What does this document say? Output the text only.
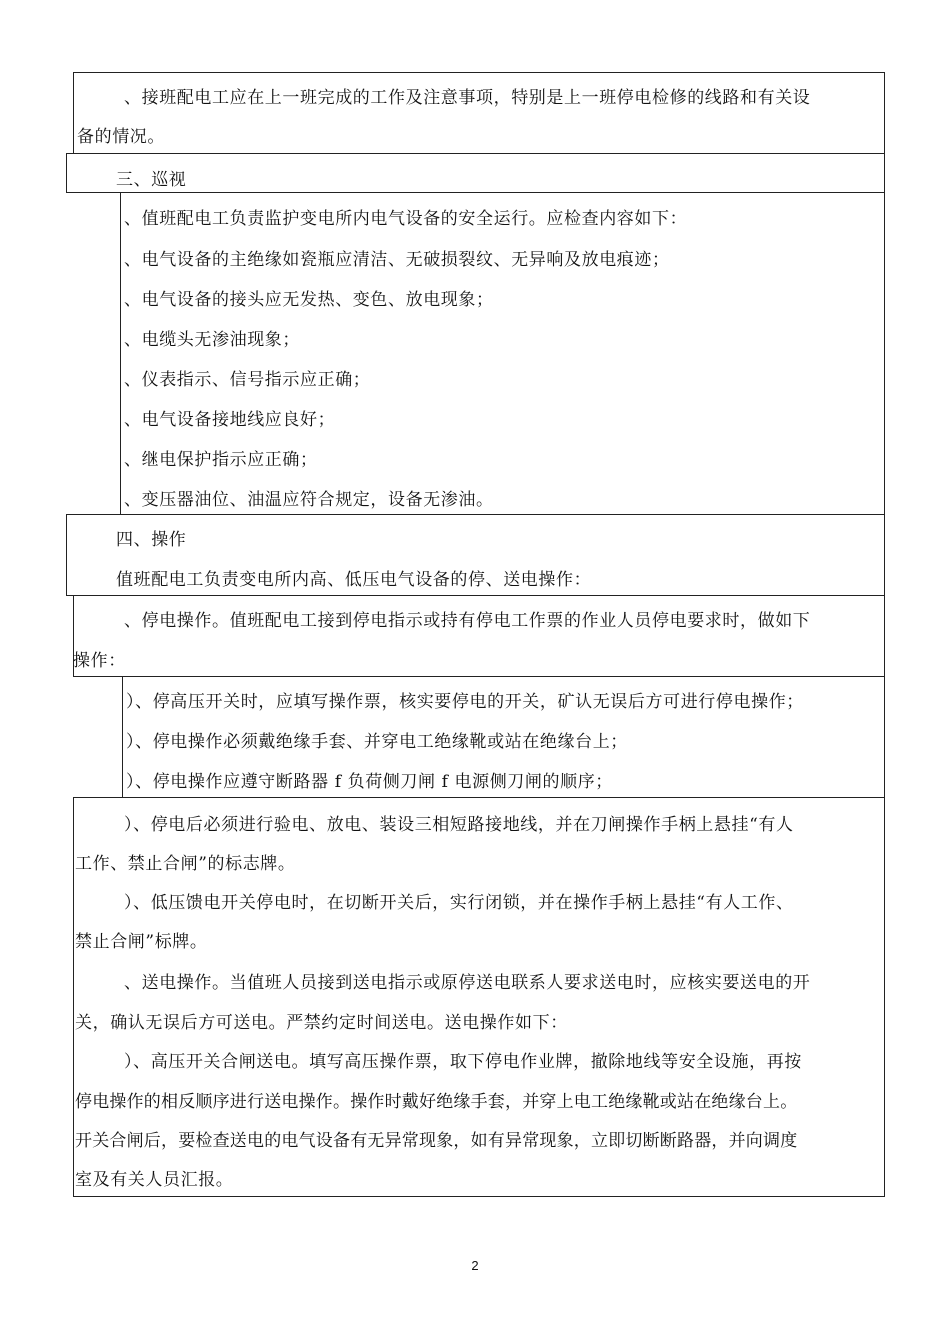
、接班配电工应在上一班完成的工作及注意事项，特别是上一班停电检修的线路和有关设
备的情况。
三、巡视
、值班配电工负责监护变电所内电气设备的安全运行。应检查内容如下：
、电气设备的主绝缘如瓷瓶应清洁、无破损裂纹、无异响及放电痕迹；
、电气设备的接头应无发热、变色、放电现象；
、电缆头无渗油现象；
、仪表指示、信号指示应正确；
、电气设备接地线应良好；
、继电保护指示应正确；
、变压器油位、油温应符合规定，设备无渗油。
四、操作
值班配电工负责变电所内高、低压电气设备的停、送电操作：
、停电操作。值班配电工接到停电指示或持有停电工作票的作业人员停电要求时，做如下
操作：
）、停高压开关时，应填写操作票，核实要停电的开关，矿认无误后方可进行停电操作；
）、停电操作必须戴绝缘手套、并穿电工绝缘靴或站在绝缘台上；
）、停电操作应遵守断路器 f 负荷侧刀闸 f 电源侧刀闸的顺序；
）、停电后必须进行验电、放电、装设三相短路接地线，并在刀闸操作手柄上悬挂“有人
工作、禁止合闸”的标志牌。
）、低压馈电开关停电时，在切断开关后，实行闭锁，并在操作手柄上悬挂“有人工作、
禁止合闸”标牌。
、送电操作。当值班人员接到送电指示或原停送电联系人要求送电时，应核实要送电的开
关，确认无误后方可送电。严禁约定时间送电。送电操作如下：
）、高压开关合闸送电。填写高压操作票，取下停电作业牌，撤除地线等安全设施，再按
停电操作的相反顺序进行送电操作。操作时戴好绝缘手套，并穿上电工绝缘靴或站在绝缘台上。
开关合闸后，要检查送电的电气设备有无异常现象，如有异常现象，立即切断断路器，并向调度
室及有关人员汇报。
2
